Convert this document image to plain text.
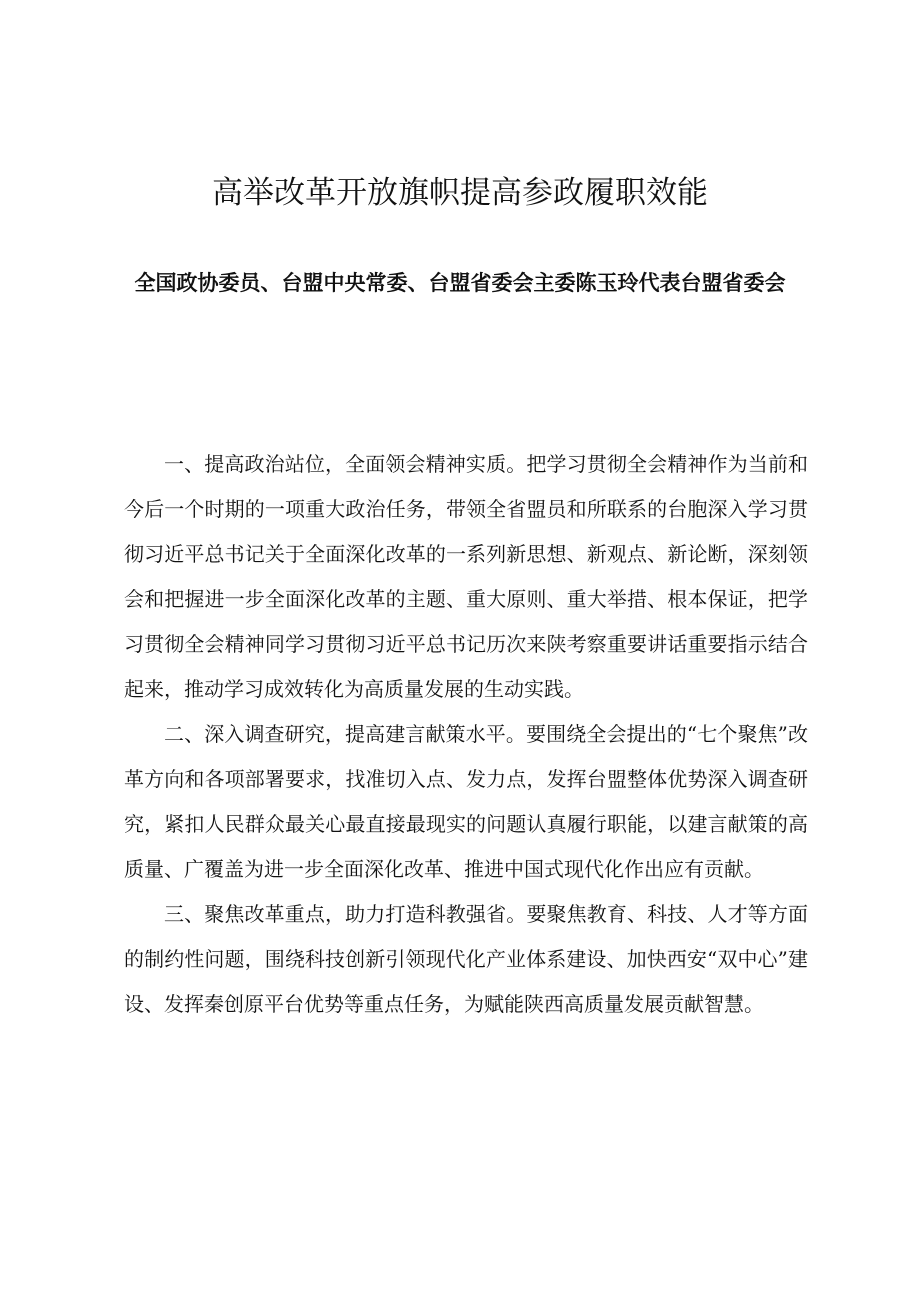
高举改革开放旗帜提高参政履职效能

全国政协委员、台盟中央常委、台盟省委会主委陈玉玲代表台盟省委会

一、提高政治站位，全面领会精神实质。把学习贯彻全会精神作为当前和今后一个时期的一项重大政治任务，带领全省盟员和所联系的台胞深入学习贯彻习近平总书记关于全面深化改革的一系列新思想、新观点、新论断，深刻领会和把握进一步全面深化改革的主题、重大原则、重大举措、根本保证，把学习贯彻全会精神同学习贯彻习近平总书记历次来陕考察重要讲话重要指示结合起来，推动学习成效转化为高质量发展的生动实践。

二、深入调查研究，提高建言献策水平。要围绕全会提出的“七个聚焦”改革方向和各项部署要求，找准切入点、发力点，发挥台盟整体优势深入调查研究，紧扣人民群众最关心最直接最现实的问题认真履行职能，以建言献策的高质量、广覆盖为进一步全面深化改革、推进中国式现代化作出应有贡献。

三、聚焦改革重点，助力打造科教强省。要聚焦教育、科技、人才等方面的制约性问题，围绕科技创新引领现代化产业体系建设、加快西安“双中心”建设、发挥秦创原平台优势等重点任务，为赋能陕西高质量发展贡献智慧。
